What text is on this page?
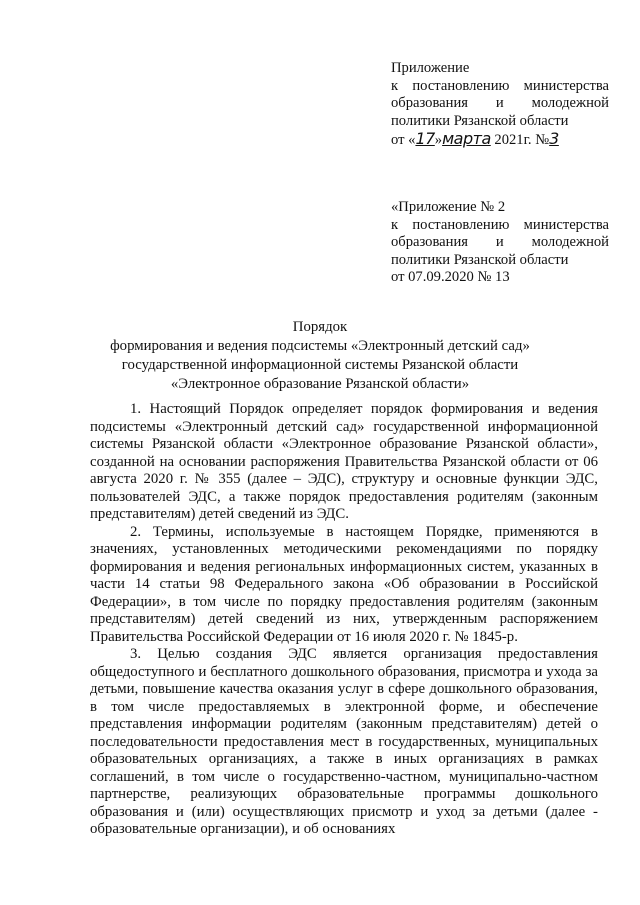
Приложение
к постановлению министерства
образования и молодежной
политики Рязанской области
от «17»марта 2021г. №3
«Приложение № 2
к постановлению министерства
образования и молодежной
политики Рязанской области
от 07.09.2020 № 13
Порядок
формирования и ведения подсистемы «Электронный детский сад»
государственной информационной системы Рязанской области
«Электронное образование Рязанской области»

1. Настоящий Порядок определяет порядок формирования и ведения подсистемы «Электронный детский сад» государственной информационной системы Рязанской области «Электронное образование Рязанской области», созданной на основании распоряжения Правительства Рязанской области от 06 августа 2020 г. № 355 (далее – ЭДС), структуру и основные функции ЭДС, пользователей ЭДС, а также порядок предоставления родителям (законным представителям) детей сведений из ЭДС.

2. Термины, используемые в настоящем Порядке, применяются в значениях, установленных методическими рекомендациями по порядку формирования и ведения региональных информационных систем, указанных в части 14 статьи 98 Федерального закона «Об образовании в Российской Федерации», в том числе по порядку предоставления родителям (законным представителям) детей сведений из них, утвержденным распоряжением Правительства Российской Федерации от 16 июля 2020 г. № 1845-р.

3. Целью создания ЭДС является организация предоставления общедоступного и бесплатного дошкольного образования, присмотра и ухода за детьми, повышение качества оказания услуг в сфере дошкольного образования, в том числе предоставляемых в электронной форме, и обеспечение представления информации родителям (законным представителям) детей о последовательности предоставления мест в государственных, муниципальных образовательных организациях, а также в иных организациях в рамках соглашений, в том числе о государственно-частном, муниципально-частном партнерстве, реализующих образовательные программы дошкольного образования и (или) осуществляющих присмотр и уход за детьми (далее - образовательные организации), и об основаниях
